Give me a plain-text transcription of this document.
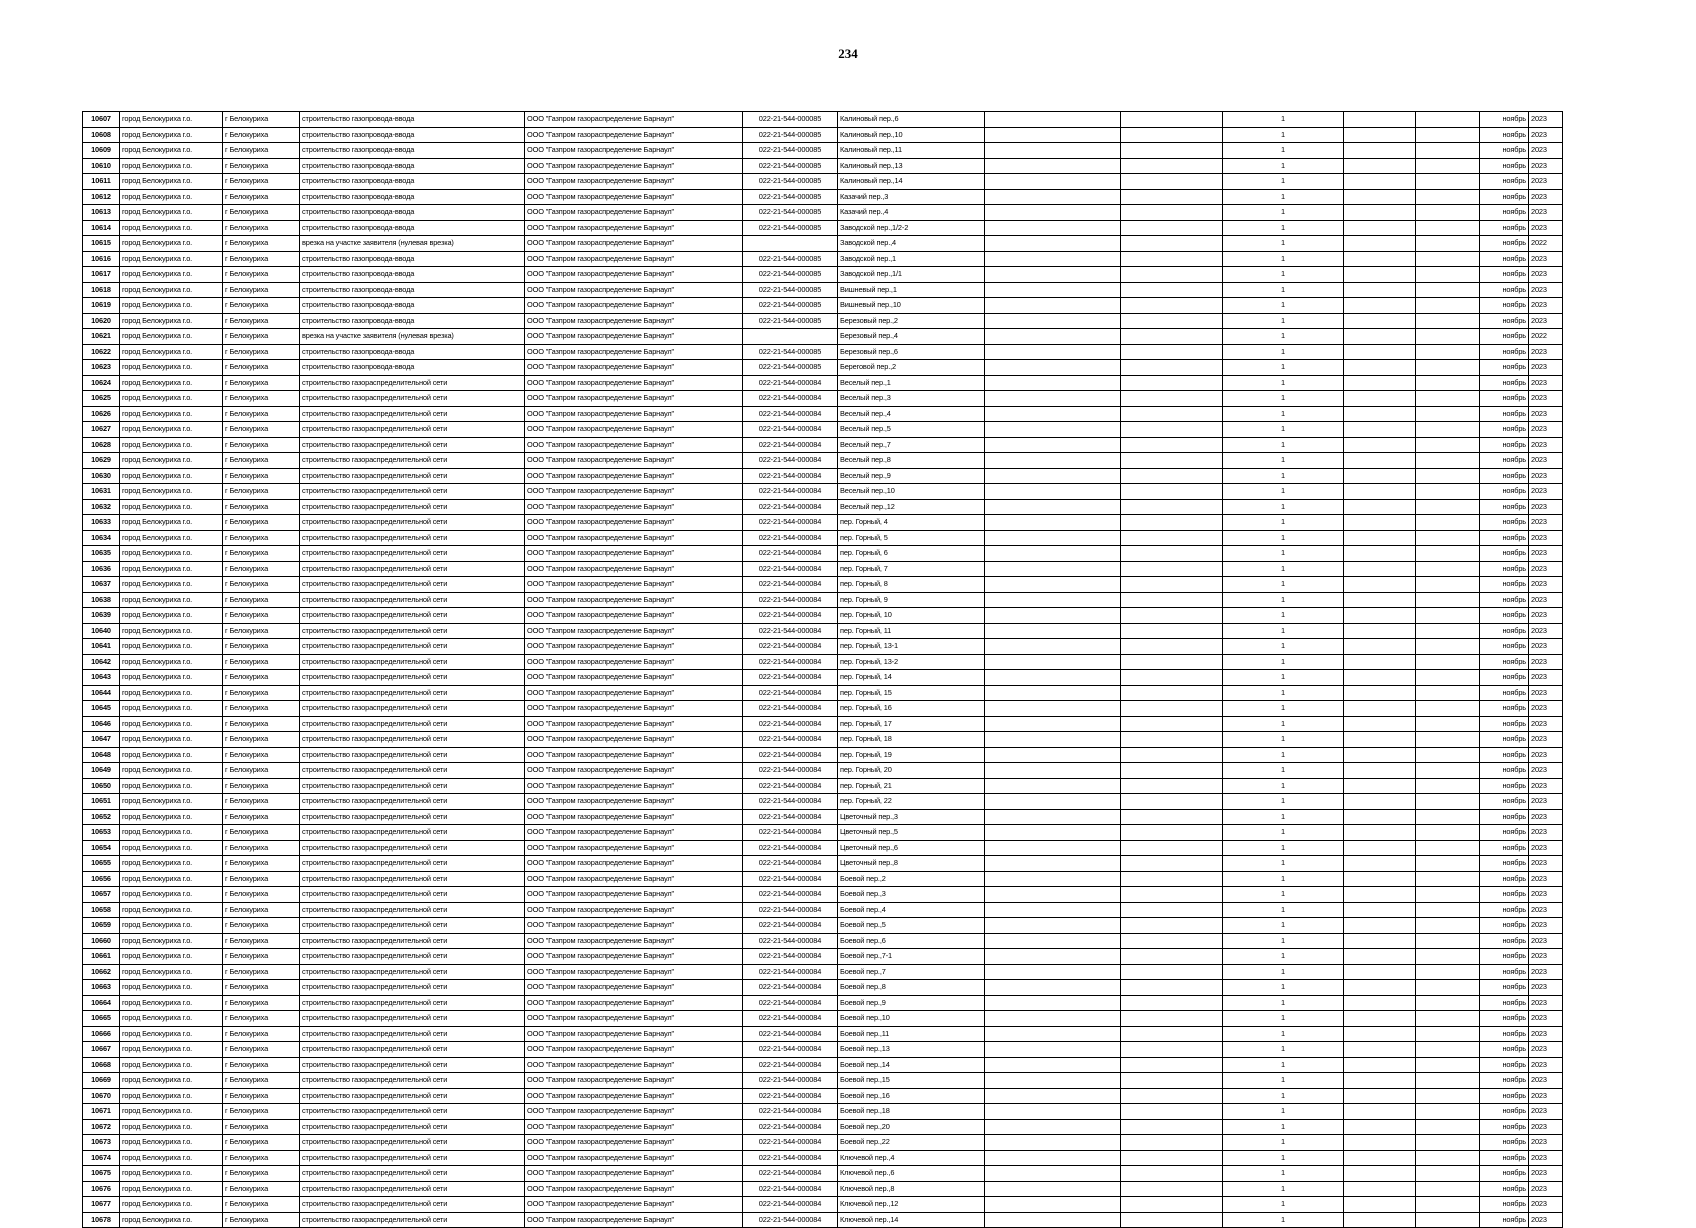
234
10607	город Белокуриха г.о.	г Белокуриха	строительство газопровода-ввода	ООО "Газпром газораспределение Барнаул"	022-21-544-000085	Калиновый пер.,6			1			ноябрь	2023
10608	город Белокуриха г.о.	г Белокуриха	строительство газопровода-ввода	ООО "Газпром газораспределение Барнаул"	022-21-544-000085	Калиновый пер.,10			1			ноябрь	2023
10609	город Белокуриха г.о.	г Белокуриха	строительство газопровода-ввода	ООО "Газпром газораспределение Барнаул"	022-21-544-000085	Калиновый пер.,11			1			ноябрь	2023
10610	город Белокуриха г.о.	г Белокуриха	строительство газопровода-ввода	ООО "Газпром газораспределение Барнаул"	022-21-544-000085	Калиновый пер.,13			1			ноябрь	2023
10611	город Белокуриха г.о.	г Белокуриха	строительство газопровода-ввода	ООО "Газпром газораспределение Барнаул"	022-21-544-000085	Калиновый пер.,14			1			ноябрь	2023
10612	город Белокуриха г.о.	г Белокуриха	строительство газопровода-ввода	ООО "Газпром газораспределение Барнаул"	022-21-544-000085	Казачий пер.,3			1			ноябрь	2023
10613	город Белокуриха г.о.	г Белокуриха	строительство газопровода-ввода	ООО "Газпром газораспределение Барнаул"	022-21-544-000085	Казачий пер.,4			1			ноябрь	2023
10614	город Белокуриха г.о.	г Белокуриха	строительство газопровода-ввода	ООО "Газпром газораспределение Барнаул"	022-21-544-000085	Заводской пер.,1/2-2			1			ноябрь	2023
10615	город Белокуриха г.о.	г Белокуриха	врезка на участке заявителя (нулевая врезка)	ООО "Газпром газораспределение Барнаул"		Заводской пер.,4			1			ноябрь	2022
10616	город Белокуриха г.о.	г Белокуриха	строительство газопровода-ввода	ООО "Газпром газораспределение Барнаул"	022-21-544-000085	Заводской пер.,1			1			ноябрь	2023
10617	город Белокуриха г.о.	г Белокуриха	строительство газопровода-ввода	ООО "Газпром газораспределение Барнаул"	022-21-544-000085	Заводской пер.,1/1			1			ноябрь	2023
10618	город Белокуриха г.о.	г Белокуриха	строительство газопровода-ввода	ООО "Газпром газораспределение Барнаул"	022-21-544-000085	Вишневый пер.,1			1			ноябрь	2023
10619	город Белокуриха г.о.	г Белокуриха	строительство газопровода-ввода	ООО "Газпром газораспределение Барнаул"	022-21-544-000085	Вишневый пер.,10			1			ноябрь	2023
10620	город Белокуриха г.о.	г Белокуриха	строительство газопровода-ввода	ООО "Газпром газораспределение Барнаул"	022-21-544-000085	Березовый пер.,2			1			ноябрь	2023
10621	город Белокуриха г.о.	г Белокуриха	врезка на участке заявителя (нулевая врезка)	ООО "Газпром газораспределение Барнаул"		Березовый пер.,4			1			ноябрь	2022
10622	город Белокуриха г.о.	г Белокуриха	строительство газопровода-ввода	ООО "Газпром газораспределение Барнаул"	022-21-544-000085	Березовый пер.,6			1			ноябрь	2023
10623	город Белокуриха г.о.	г Белокуриха	строительство газопровода-ввода	ООО "Газпром газораспределение Барнаул"	022-21-544-000085	Береговой пер.,2			1			ноябрь	2023
10624	город Белокуриха г.о.	г Белокуриха	строительство газораспределительной сети	ООО "Газпром газораспределение Барнаул"	022-21-544-000084	Веселый пер.,1			1			ноябрь	2023
10625	город Белокуриха г.о.	г Белокуриха	строительство газораспределительной сети	ООО "Газпром газораспределение Барнаул"	022-21-544-000084	Веселый пер.,3			1			ноябрь	2023
10626	город Белокуриха г.о.	г Белокуриха	строительство газораспределительной сети	ООО "Газпром газораспределение Барнаул"	022-21-544-000084	Веселый пер.,4			1			ноябрь	2023
10627	город Белокуриха г.о.	г Белокуриха	строительство газораспределительной сети	ООО "Газпром газораспределение Барнаул"	022-21-544-000084	Веселый пер.,5			1			ноябрь	2023
10628	город Белокуриха г.о.	г Белокуриха	строительство газораспределительной сети	ООО "Газпром газораспределение Барнаул"	022-21-544-000084	Веселый пер.,7			1			ноябрь	2023
10629	город Белокуриха г.о.	г Белокуриха	строительство газораспределительной сети	ООО "Газпром газораспределение Барнаул"	022-21-544-000084	Веселый пер.,8			1			ноябрь	2023
10630	город Белокуриха г.о.	г Белокуриха	строительство газораспределительной сети	ООО "Газпром газораспределение Барнаул"	022-21-544-000084	Веселый пер.,9			1			ноябрь	2023
10631	город Белокуриха г.о.	г Белокуриха	строительство газораспределительной сети	ООО "Газпром газораспределение Барнаул"	022-21-544-000084	Веселый пер.,10			1			ноябрь	2023
10632	город Белокуриха г.о.	г Белокуриха	строительство газораспределительной сети	ООО "Газпром газораспределение Барнаул"	022-21-544-000084	Веселый пер.,12			1			ноябрь	2023
10633	город Белокуриха г.о.	г Белокуриха	строительство газораспределительной сети	ООО "Газпром газораспределение Барнаул"	022-21-544-000084	пер. Горный, 4			1			ноябрь	2023
10634	город Белокуриха г.о.	г Белокуриха	строительство газораспределительной сети	ООО "Газпром газораспределение Барнаул"	022-21-544-000084	пер. Горный, 5			1			ноябрь	2023
10635	город Белокуриха г.о.	г Белокуриха	строительство газораспределительной сети	ООО "Газпром газораспределение Барнаул"	022-21-544-000084	пер. Горный, 6			1			ноябрь	2023
10636	город Белокуриха г.о.	г Белокуриха	строительство газораспределительной сети	ООО "Газпром газораспределение Барнаул"	022-21-544-000084	пер. Горный, 7			1			ноябрь	2023
10637	город Белокуриха г.о.	г Белокуриха	строительство газораспределительной сети	ООО "Газпром газораспределение Барнаул"	022-21-544-000084	пер. Горный, 8			1			ноябрь	2023
10638	город Белокуриха г.о.	г Белокуриха	строительство газораспределительной сети	ООО "Газпром газораспределение Барнаул"	022-21-544-000084	пер. Горный, 9			1			ноябрь	2023
10639	город Белокуриха г.о.	г Белокуриха	строительство газораспределительной сети	ООО "Газпром газораспределение Барнаул"	022-21-544-000084	пер. Горный, 10			1			ноябрь	2023
10640	город Белокуриха г.о.	г Белокуриха	строительство газораспределительной сети	ООО "Газпром газораспределение Барнаул"	022-21-544-000084	пер. Горный, 11			1			ноябрь	2023
10641	город Белокуриха г.о.	г Белокуриха	строительство газораспределительной сети	ООО "Газпром газораспределение Барнаул"	022-21-544-000084	пер. Горный, 13-1			1			ноябрь	2023
10642	город Белокуриха г.о.	г Белокуриха	строительство газораспределительной сети	ООО "Газпром газораспределение Барнаул"	022-21-544-000084	пер. Горный, 13-2			1			ноябрь	2023
10643	город Белокуриха г.о.	г Белокуриха	строительство газораспределительной сети	ООО "Газпром газораспределение Барнаул"	022-21-544-000084	пер. Горный, 14			1			ноябрь	2023
10644	город Белокуриха г.о.	г Белокуриха	строительство газораспределительной сети	ООО "Газпром газораспределение Барнаул"	022-21-544-000084	пер. Горный, 15			1			ноябрь	2023
10645	город Белокуриха г.о.	г Белокуриха	строительство газораспределительной сети	ООО "Газпром газораспределение Барнаул"	022-21-544-000084	пер. Горный, 16			1			ноябрь	2023
10646	город Белокуриха г.о.	г Белокуриха	строительство газораспределительной сети	ООО "Газпром газораспределение Барнаул"	022-21-544-000084	пер. Горный, 17			1			ноябрь	2023
10647	город Белокуриха г.о.	г Белокуриха	строительство газораспределительной сети	ООО "Газпром газораспределение Барнаул"	022-21-544-000084	пер. Горный, 18			1			ноябрь	2023
10648	город Белокуриха г.о.	г Белокуриха	строительство газораспределительной сети	ООО "Газпром газораспределение Барнаул"	022-21-544-000084	пер. Горный, 19			1			ноябрь	2023
10649	город Белокуриха г.о.	г Белокуриха	строительство газораспределительной сети	ООО "Газпром газораспределение Барнаул"	022-21-544-000084	пер. Горный, 20			1			ноябрь	2023
10650	город Белокуриха г.о.	г Белокуриха	строительство газораспределительной сети	ООО "Газпром газораспределение Барнаул"	022-21-544-000084	пер. Горный, 21			1			ноябрь	2023
10651	город Белокуриха г.о.	г Белокуриха	строительство газораспределительной сети	ООО "Газпром газораспределение Барнаул"	022-21-544-000084	пер. Горный, 22			1			ноябрь	2023
10652	город Белокуриха г.о.	г Белокуриха	строительство газораспределительной сети	ООО "Газпром газораспределение Барнаул"	022-21-544-000084	Цветочный пер.,3			1			ноябрь	2023
10653	город Белокуриха г.о.	г Белокуриха	строительство газораспределительной сети	ООО "Газпром газораспределение Барнаул"	022-21-544-000084	Цветочный пер.,5			1			ноябрь	2023
10654	город Белокуриха г.о.	г Белокуриха	строительство газораспределительной сети	ООО "Газпром газораспределение Барнаул"	022-21-544-000084	Цветочный пер.,6			1			ноябрь	2023
10655	город Белокуриха г.о.	г Белокуриха	строительство газораспределительной сети	ООО "Газпром газораспределение Барнаул"	022-21-544-000084	Цветочный пер.,8			1			ноябрь	2023
10656	город Белокуриха г.о.	г Белокуриха	строительство газораспределительной сети	ООО "Газпром газораспределение Барнаул"	022-21-544-000084	Боевой пер.,2			1			ноябрь	2023
10657	город Белокуриха г.о.	г Белокуриха	строительство газораспределительной сети	ООО "Газпром газораспределение Барнаул"	022-21-544-000084	Боевой пер.,3			1			ноябрь	2023
10658	город Белокуриха г.о.	г Белокуриха	строительство газораспределительной сети	ООО "Газпром газораспределение Барнаул"	022-21-544-000084	Боевой пер.,4			1			ноябрь	2023
10659	город Белокуриха г.о.	г Белокуриха	строительство газораспределительной сети	ООО "Газпром газораспределение Барнаул"	022-21-544-000084	Боевой пер.,5			1			ноябрь	2023
10660	город Белокуриха г.о.	г Белокуриха	строительство газораспределительной сети	ООО "Газпром газораспределение Барнаул"	022-21-544-000084	Боевой пер.,6			1			ноябрь	2023
10661	город Белокуриха г.о.	г Белокуриха	строительство газораспределительной сети	ООО "Газпром газораспределение Барнаул"	022-21-544-000084	Боевой пер.,7-1			1			ноябрь	2023
10662	город Белокуриха г.о.	г Белокуриха	строительство газораспределительной сети	ООО "Газпром газораспределение Барнаул"	022-21-544-000084	Боевой пер.,7			1			ноябрь	2023
10663	город Белокуриха г.о.	г Белокуриха	строительство газораспределительной сети	ООО "Газпром газораспределение Барнаул"	022-21-544-000084	Боевой пер.,8			1			ноябрь	2023
10664	город Белокуриха г.о.	г Белокуриха	строительство газораспределительной сети	ООО "Газпром газораспределение Барнаул"	022-21-544-000084	Боевой пер.,9			1			ноябрь	2023
10665	город Белокуриха г.о.	г Белокуриха	строительство газораспределительной сети	ООО "Газпром газораспределение Барнаул"	022-21-544-000084	Боевой пер.,10			1			ноябрь	2023
10666	город Белокуриха г.о.	г Белокуриха	строительство газораспределительной сети	ООО "Газпром газораспределение Барнаул"	022-21-544-000084	Боевой пер.,11			1			ноябрь	2023
10667	город Белокуриха г.о.	г Белокуриха	строительство газораспределительной сети	ООО "Газпром газораспределение Барнаул"	022-21-544-000084	Боевой пер.,13			1			ноябрь	2023
10668	город Белокуриха г.о.	г Белокуриха	строительство газораспределительной сети	ООО "Газпром газораспределение Барнаул"	022-21-544-000084	Боевой пер.,14			1			ноябрь	2023
10669	город Белокуриха г.о.	г Белокуриха	строительство газораспределительной сети	ООО "Газпром газораспределение Барнаул"	022-21-544-000084	Боевой пер.,15			1			ноябрь	2023
10670	город Белокуриха г.о.	г Белокуриха	строительство газораспределительной сети	ООО "Газпром газораспределение Барнаул"	022-21-544-000084	Боевой пер.,16			1			ноябрь	2023
10671	город Белокуриха г.о.	г Белокуриха	строительство газораспределительной сети	ООО "Газпром газораспределение Барнаул"	022-21-544-000084	Боевой пер.,18			1			ноябрь	2023
10672	город Белокуриха г.о.	г Белокуриха	строительство газораспределительной сети	ООО "Газпром газораспределение Барнаул"	022-21-544-000084	Боевой пер.,20			1			ноябрь	2023
10673	город Белокуриха г.о.	г Белокуриха	строительство газораспределительной сети	ООО "Газпром газораспределение Барнаул"	022-21-544-000084	Боевой пер.,22			1			ноябрь	2023
10674	город Белокуриха г.о.	г Белокуриха	строительство газораспределительной сети	ООО "Газпром газораспределение Барнаул"	022-21-544-000084	Ключевой пер.,4			1			ноябрь	2023
10675	город Белокуриха г.о.	г Белокуриха	строительство газораспределительной сети	ООО "Газпром газораспределение Барнаул"	022-21-544-000084	Ключевой пер.,6			1			ноябрь	2023
10676	город Белокуриха г.о.	г Белокуриха	строительство газораспределительной сети	ООО "Газпром газораспределение Барнаул"	022-21-544-000084	Ключевой пер.,8			1			ноябрь	2023
10677	город Белокуриха г.о.	г Белокуриха	строительство газораспределительной сети	ООО "Газпром газораспределение Барнаул"	022-21-544-000084	Ключевой пер.,12			1			ноябрь	2023
10678	город Белокуриха г.о.	г Белокуриха	строительство газораспределительной сети	ООО "Газпром газораспределение Барнаул"	022-21-544-000084	Ключевой пер.,14			1			ноябрь	2023
